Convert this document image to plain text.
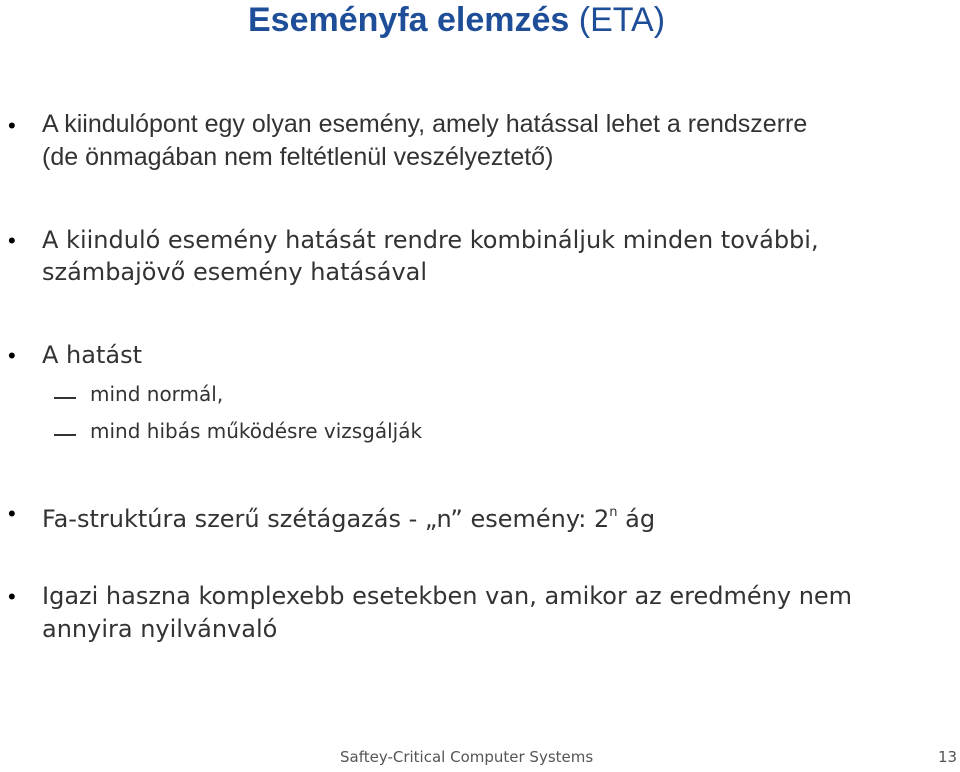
Eseményfa elemzés (ETA)
• A kiindulópont egy olyan esemény, amely hatással lehet a rendszerre
(de önmagában nem feltétlenül veszélyeztető)
• A kiinduló esemény hatását rendre kombináljuk minden további,
számbajövő esemény hatásával
• A hatást
mind normál,
mind hibás működésre vizsgálják
• Fa-struktúra szerű szétágazás - „n” esemény: 2$^n$ ág
• Igazi haszna komplexebb esetekben van, amikor az eredmény nem
annyira nyilvánvaló
Saftey-Critical Computer Systems	13
